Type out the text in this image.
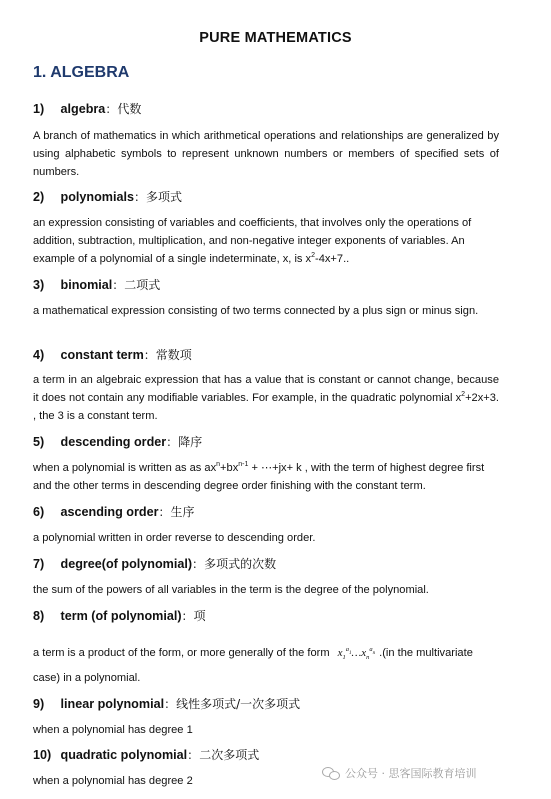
PURE MATHEMATICS
1. ALGEBRA
1) algebra：代数
A branch of mathematics in which arithmetical operations and relationships are generalized by using alphabetic symbols to represent unknown numbers or members of specified sets of numbers.
2) polynomials：多项式
an expression consisting of variables and coefficients, that involves only the operations of addition, subtraction, multiplication, and non-negative integer exponents of variables. An example of a polynomial of a single indeterminate, x, is $x^2-4x+7$..
3) binomial：二项式
a mathematical expression consisting of two terms connected by a plus sign or minus sign.
4) constant term：常数项
a term in an algebraic expression that has a value that is constant or cannot change, because it does not contain any modifiable variables. For example, in the quadratic polynomial $x^2+2x+3$. , the 3 is a constant term.
5) descending order：降序
when a polynomial is written as as $ax^n+bx^{n-1}$ + ⋯+jx+ k , with the term of highest degree first and the other terms in descending degree order finishing with the constant term.
6) ascending order：生序
a polynomial written in order reverse to descending order.
7) degree(of polynomial)：多项式的次数
the sum of the powers of all variables in the term is the degree of the polynomial.
8) term (of polynomial)：项
a term is a product of the form, or more generally of the form $x_1^{a_1}\dots x_n^{a_n}$ .(in the multivariate case) in a polynomial.
9) linear polynomial：线性多项式/一次多项式
when a polynomial has degree 1
10) quadratic polynomial：二次多项式
when a polynomial has degree 2
公众号 · 思客国际教育培训
